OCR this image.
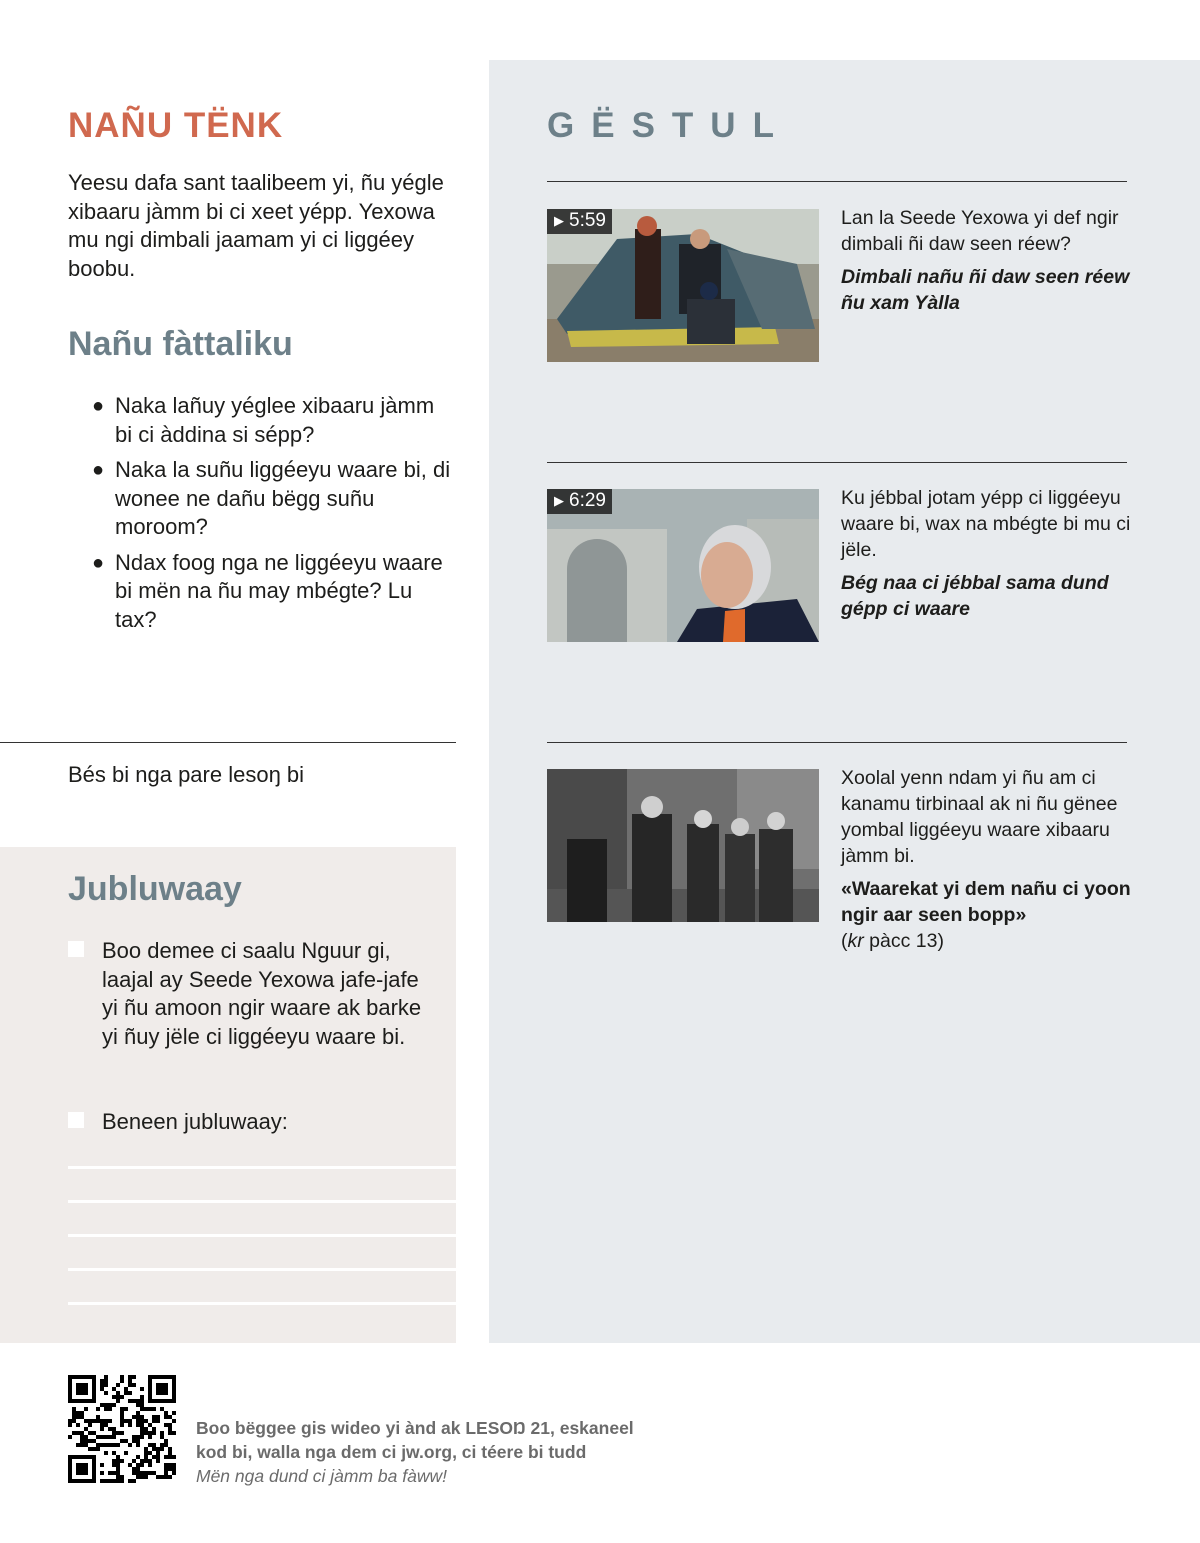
NAÑU TËNK

Yeesu dafa sant taalibeem yi, ñu yégle xibaaru jàmm bi ci xeet yépp. Yexowa mu ngi dimbali jaamam yi ci liggéey boobu.

Nañu fàttaliku
● Naka lañuy yéglee xibaaru jàmm bi ci àddina si sépp?
● Naka la suñu liggéeyu waare bi, di wonee ne dañu bëgg suñu moroom?
● Ndax foog nga ne liggéeyu waare bi mën na ñu may mbégte? Lu tax?

Bés bi nga pare lesoŋ bi

Jubluwaay
Boo demee ci saalu Nguur gi, laajal ay Seede Yexowa jafe-jafe yi ñu amoon ngir waare ak barke yi ñuy jële ci liggéeyu waare bi.
Beneen jubluwaay:
GËSTUL
▶ 5:59	Lan la Seede Yexowa yi def ngir dimbali ñi daw seen réew?

Dimbali nañu ñi daw seen réew ñu xam Yàlla

▶ 6:29	Ku jébbal jotam yépp ci liggéeyu waare bi, wax na mbégte bi mu ci jële.

Bég naa ci jébbal sama dund gépp ci waare

Xoolal yenn ndam yi ñu am ci kanamu tirbinaal ak ni ñu gënee yombal liggéeyu waare xibaaru jàmm bi.

«Waarekat yi dem nañu ci yoon ngir aar seen bopp»

(kr pàcc 13)

Boo bëggee gis wideo yi ànd ak LESOŊ 21, eskaneel kod bi, walla nga dem ci jw.org, ci téere bi tudd
Mën nga dund ci jàmm ba fàww!
